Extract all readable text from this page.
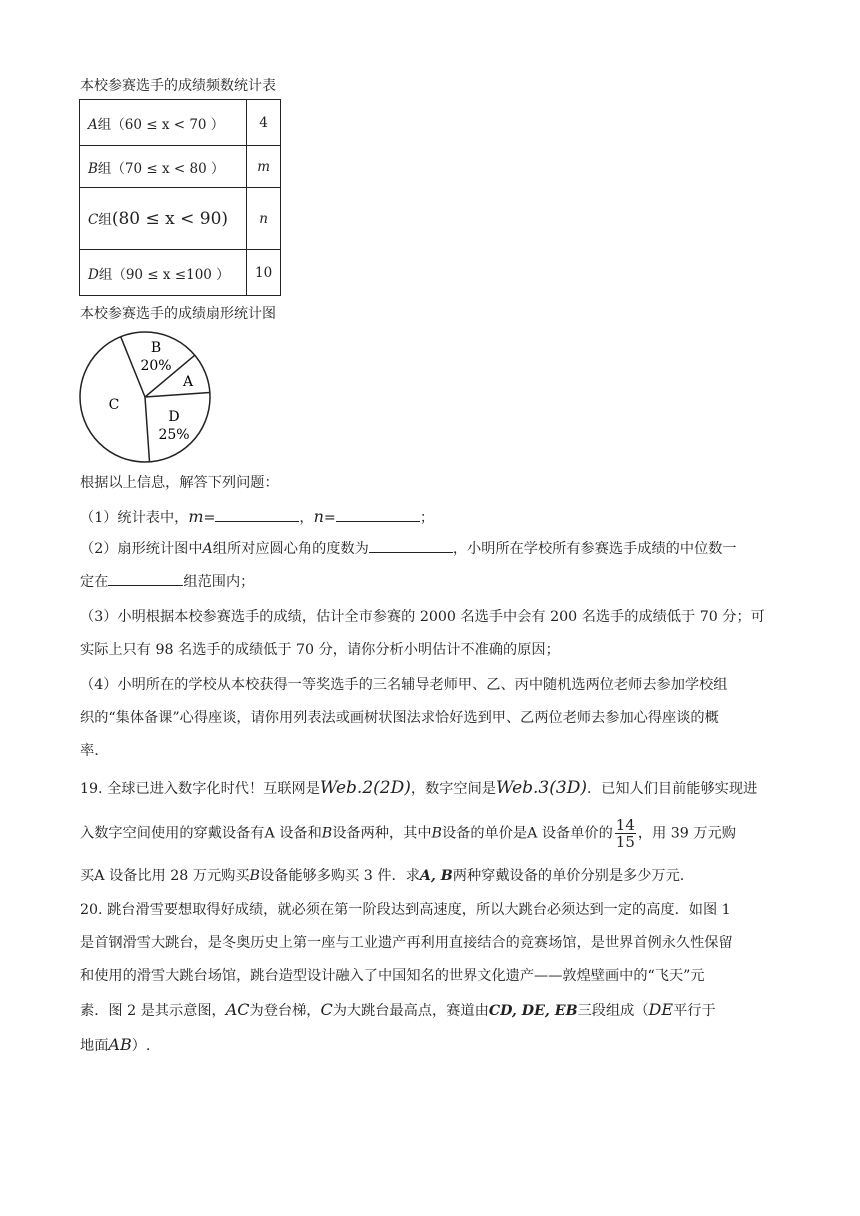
本校参赛选手的成绩频数统计表
A组（60 ≤ x < 70 ）	4
B组（70 ≤ x < 80 ）	m
C组(80 ≤ x < 90)	n
D组（90 ≤ x ≤100 ）	10
本校参赛选手的成绩扇形统计图
B
20%
A
C
D
25%
根据以上信息，解答下列问题：
（1）统计表中，m=	，n=	；
（2）扇形统计图中A组所对应圆心角的度数为	，小明所在学校所有参赛选手成绩的中位数一
定在	组范围内；
（3）小明根据本校参赛选手的成绩，估计全市参赛的 2000 名选手中会有 200 名选手的成绩低于 70 分；可
实际上只有 98 名选手的成绩低于 70 分，请你分析小明估计不准确的原因；
（4）小明所在的学校从本校获得一等奖选手的三名辅导老师甲、乙、丙中随机选两位老师去参加学校组
织的“集体备课”心得座谈，请你用列表法或画树状图法求恰好选到甲、乙两位老师去参加心得座谈的概
率.
19. 全球已进入数字化时代！互联网是Web.2(2D)，数字空间是Web.3(3D)．已知人们目前能够实现进
入数字空间使用的穿戴设备有A 设备和B设备两种，其中B设备的单价是A 设备单价的 $\frac{14}{15}$ ，用 39 万元购
买A 设备比用 28 万元购买B设备能够多购买 3 件．求A, B两种穿戴设备的单价分别是多少万元.
20. 跳台滑雪要想取得好成绩，就必须在第一阶段达到高速度，所以大跳台必须达到一定的高度．如图 1
是首钢滑雪大跳台，是冬奥历史上第一座与工业遗产再利用直接结合的竞赛场馆，是世界首例永久性保留
和使用的滑雪大跳台场馆，跳台造型设计融入了中国知名的世界文化遗产——敦煌壁画中的“飞天”元
素．图 2 是其示意图，AC为登台梯，C为大跳台最高点，赛道由CD, DE, EB三段组成（DE平行于
地面AB）.
